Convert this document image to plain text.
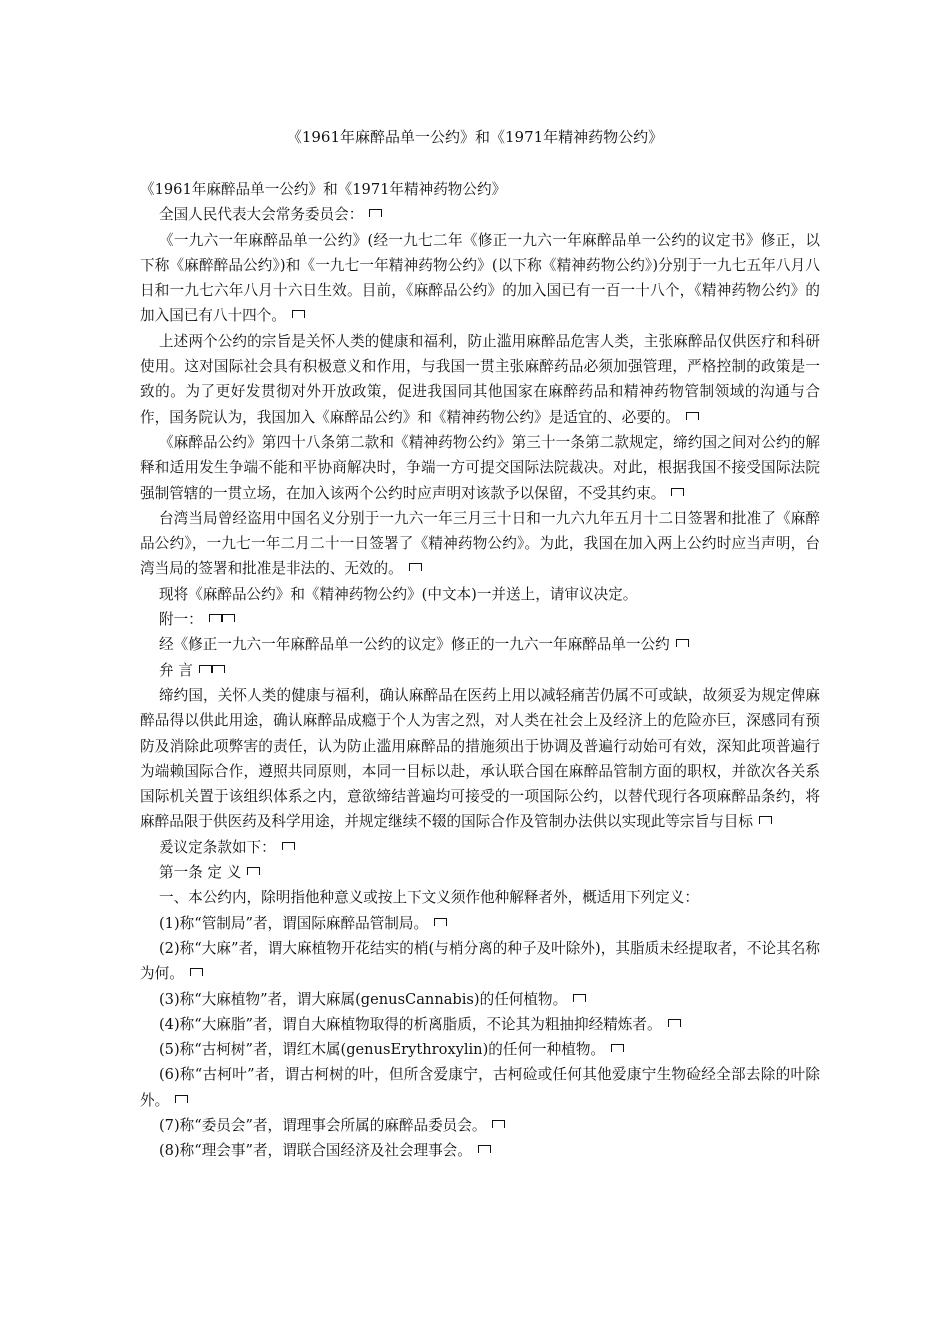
《1961年麻醉品单一公约》和《1971年精神药物公约》

《1961年麻醉品单一公约》和《1971年精神药物公约》

全国人民代表大会常务委员会：

《一九六一年麻醉品单一公约》(经一九七二年《修正一九六一年麻醉品单一公约的议定书》修正，以下称《麻醉醉品公约》)和《一九七一年精神药物公约》(以下称《精神药物公约》)分别于一九七五年八月八日和一九七六年八月十六日生效。目前，《麻醉品公约》的加入国已有一百一十八个，《精神药物公约》的加入国已有八十四个。

上述两个公约的宗旨是关怀人类的健康和福利，防止滥用麻醉品危害人类，主张麻醉品仅供医疗和科研使用。这对国际社会具有积极意义和作用，与我国一贯主张麻醉药品必须加强管理，严格控制的政策是一致的。为了更好发贯彻对外开放政策，促进我国同其他国家在麻醉药品和精神药物管制领域的沟通与合作，国务院认为，我国加入《麻醉品公约》和《精神药物公约》是适宜的、必要的。

《麻醉品公约》第四十八条第二款和《精神药物公约》第三十一条第二款规定，缔约国之间对公约的解释和适用发生争端不能和平协商解决时，争端一方可提交国际法院裁决。对此，根据我国不接受国际法院强制管辖的一贯立场，在加入该两个公约时应声明对该款予以保留，不受其约束。

台湾当局曾经盗用中国名义分别于一九六一年三月三十日和一九六九年五月十二日签署和批准了《麻醉品公约》，一九七一年二月二十一日签署了《精神药物公约》。为此，我国在加入两上公约时应当声明，台湾当局的签署和批准是非法的、无效的。

现将《麻醉品公约》和《精神药物公约》(中文本)一并送上，请审议决定。

附一：

经《修正一九六一年麻醉品单一公约的议定》修正的一九六一年麻醉品单一公约

弁 言

缔约国，关怀人类的健康与福利，确认麻醉品在医药上用以减轻痛苦仍属不可或缺，故须妥为规定俾麻醉品得以供此用途，确认麻醉品成瘾于个人为害之烈，对人类在社会上及经济上的危险亦巨，深感同有预防及消除此项弊害的责任，认为防止滥用麻醉品的措施须出于协调及普遍行动始可有效，深知此项普遍行为端赖国际合作，遵照共同原则，本同一目标以赴，承认联合国在麻醉品管制方面的职权，并欲次各关系国际机关置于该组织体系之内，意欲缔结普遍均可接受的一项国际公约，以替代现行各项麻醉品条约，将麻醉品限于供医药及科学用途，并规定继续不辍的国际合作及管制办法供以实现此等宗旨与目标

爰议定条款如下：

第一条 定 义

一、本公约内，除明指他种意义或按上下文义须作他种解释者外，概适用下列定义：

(1)称“管制局”者，谓国际麻醉品管制局。

(2)称“大麻”者，谓大麻植物开花结实的梢(与梢分离的种子及叶除外)，其脂质未经提取者，不论其名称为何。

(3)称“大麻植物”者，谓大麻属(genusCannabis)的任何植物。

(4)称“大麻脂”者，谓自大麻植物取得的析离脂质，不论其为粗抽抑经精炼者。

(5)称“古柯树”者，谓红木属(genusErythroxylin)的任何一种植物。

(6)称“古柯叶”者，谓古柯树的叶，但所含爱康宁，古柯硷或任何其他爱康宁生物硷经全部去除的叶除外。

(7)称“委员会”者，谓理事会所属的麻醉品委员会。

(8)称“理会事”者，谓联合国经济及社会理事会。
